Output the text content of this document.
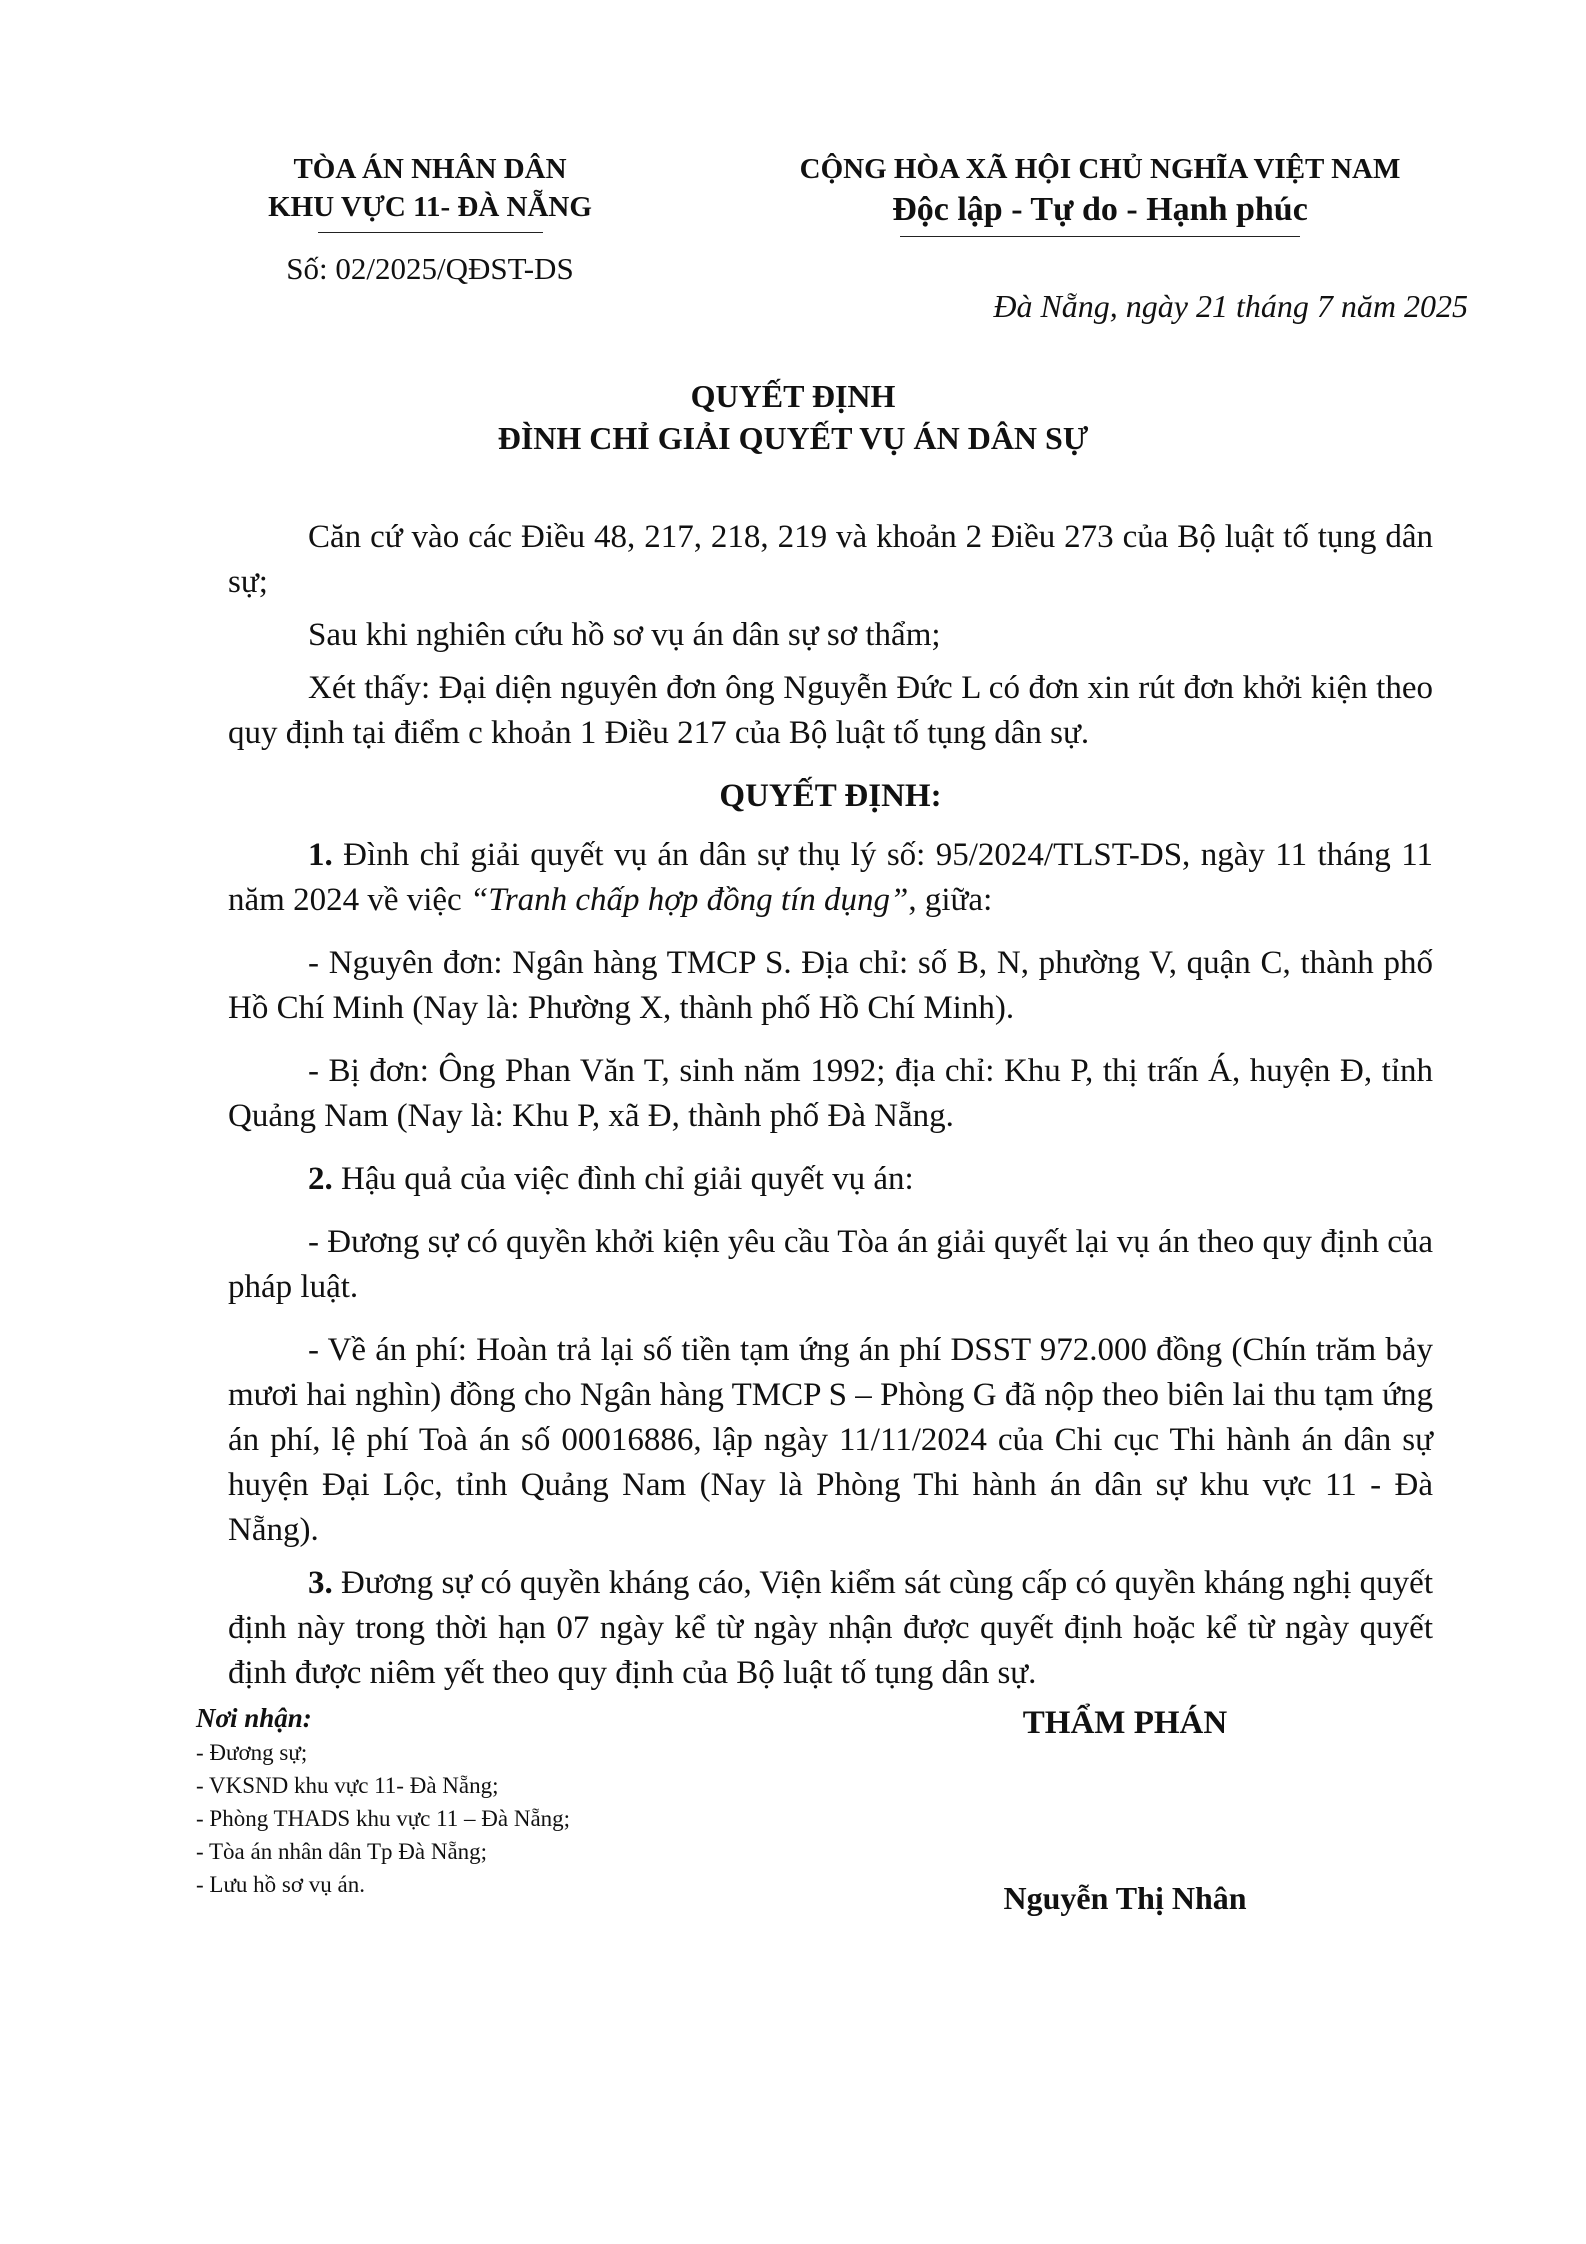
TÒA ÁN NHÂN DÂN
KHU VỰC 11- ĐÀ NẴNG
Số: 02/2025/QĐST-DS
CỘNG HÒA XÃ HỘI CHỦ NGHĨA VIỆT NAM
Độc lập - Tự do - Hạnh phúc
Đà Nẵng, ngày 21 tháng 7 năm 2025
QUYẾT ĐỊNH
ĐÌNH CHỈ GIẢI QUYẾT VỤ ÁN DÂN SỰ

Căn cứ vào các Điều 48, 217, 218, 219 và khoản 2 Điều 273 của Bộ luật tố tụng dân sự;

Sau khi nghiên cứu hồ sơ vụ án dân sự sơ thẩm;

Xét thấy: Đại diện nguyên đơn ông Nguyễn Đức L có đơn xin rút đơn khởi kiện theo quy định tại điểm c khoản 1 Điều 217 của Bộ luật tố tụng dân sự.

QUYẾT ĐỊNH:

1. Đình chỉ giải quyết vụ án dân sự thụ lý số: 95/2024/TLST-DS, ngày 11 tháng 11 năm 2024 về việc “Tranh chấp hợp đồng tín dụng”, giữa:

- Nguyên đơn: Ngân hàng TMCP S. Địa chỉ: số B, N, phường V, quận C, thành phố Hồ Chí Minh (Nay là: Phường X, thành phố Hồ Chí Minh).

- Bị đơn: Ông Phan Văn T, sinh năm 1992; địa chỉ: Khu P, thị trấn Á, huyện Đ, tỉnh Quảng Nam (Nay là: Khu P, xã Đ, thành phố Đà Nẵng.

2. Hậu quả của việc đình chỉ giải quyết vụ án:

- Đương sự có quyền khởi kiện yêu cầu Tòa án giải quyết lại vụ án theo quy định của pháp luật.

- Về án phí: Hoàn trả lại số tiền tạm ứng án phí DSST 972.000 đồng (Chín trăm bảy mươi hai nghìn) đồng cho Ngân hàng TMCP S – Phòng G đã nộp theo biên lai thu tạm ứng án phí, lệ phí Toà án số 00016886, lập ngày 11/11/2024 của Chi cục Thi hành án dân sự huyện Đại Lộc, tỉnh Quảng Nam (Nay là Phòng Thi hành án dân sự khu vực 11 - Đà Nẵng).

3. Đương sự có quyền kháng cáo, Viện kiểm sát cùng cấp có quyền kháng nghị quyết định này trong thời hạn 07 ngày kể từ ngày nhận được quyết định hoặc kể từ ngày quyết định được niêm yết theo quy định của Bộ luật tố tụng dân sự.

Nơi nhận:
- Đương sự;
- VKSND khu vực 11- Đà Nẵng;
- Phòng THADS khu vực 11 – Đà Nẵng;
- Tòa án nhân dân Tp Đà Nẵng;
- Lưu hồ sơ vụ án.
THẨM PHÁN
Nguyễn Thị Nhân
